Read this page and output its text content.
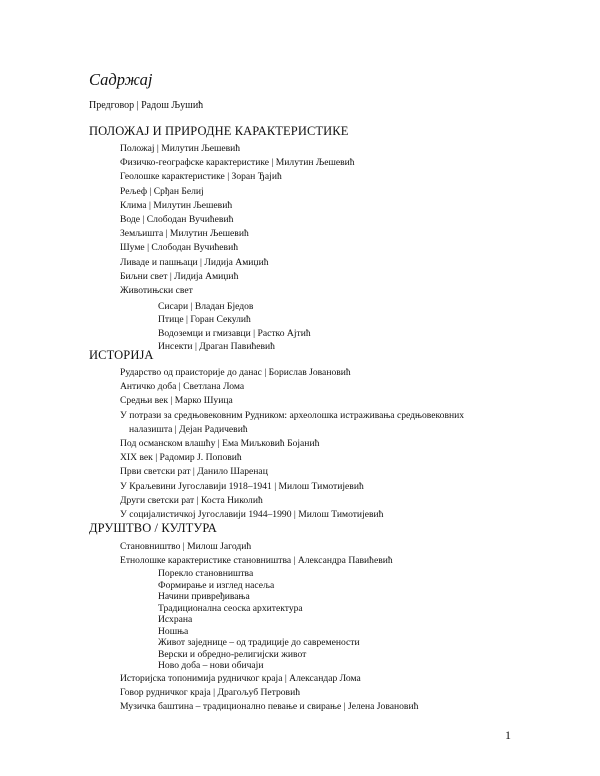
Садржај
Предговор | Радош Љушић
ПОЛОЖАЈ И ПРИРОДНЕ КАРАКТЕРИСТИКЕ
Положај | Милутин Љешевић
Физичко-географске карактеристике | Милутин Љешевић
Геолошке карактеристике | Зоран Ђајић
Рељеф | Срђан Белиј
Клима | Милутин Љешевић
Воде | Слободан Вучићевић
Земљишта | Милутин Љешевић
Шуме | Слободан Вучићевић
Ливаде и пашњаци | Лидија Амиџић
Биљни свет | Лидија Амиџић
Животињски свет
Сисари | Владан Бједов
Птице | Горан Секулић
Водоземци и гмизавци | Растко Ајтић
Инсекти | Драган Павићевић
ИСТОРИЈА
Рударство од праисторије до данас | Борислав Јовановић
Античко доба | Светлана Лома
Средњи век | Марко Шуица
У потрази за средњовековним Рудником: археолошка истраживања средњовековних
налазишта | Дејан Радичевић
Под османском влашћу | Ема Миљковић Бојанић
XIX век | Радомир Ј. Поповић
Први светски рат | Данило Шаренац
У Краљевини Југославији 1918–1941 | Милош Тимотијевић
Други светски рат | Коста Николић
У социјалистичкој Југославији 1944–1990 | Милош Тимотијевић
ДРУШТВО / КУЛТУРА
Становништво | Милош Јагодић
Етнолошке карактеристике становништва | Александра Павићевић
Порекло становништва
Формирање и изглед насеља
Начини привређивања
Традиционална сеоска архитектура
Исхрана
Ношња
Живот заједнице – од традиције до савремености
Верски и обредно-религијски живот
Ново доба – нови обичаји
Историјска топонимија рудничког краја | Александар Лома
Говор рудничког краја | Драгољуб Петровић
Музичка баштина – традиционално певање и свирање | Јелена Јовановић
1
